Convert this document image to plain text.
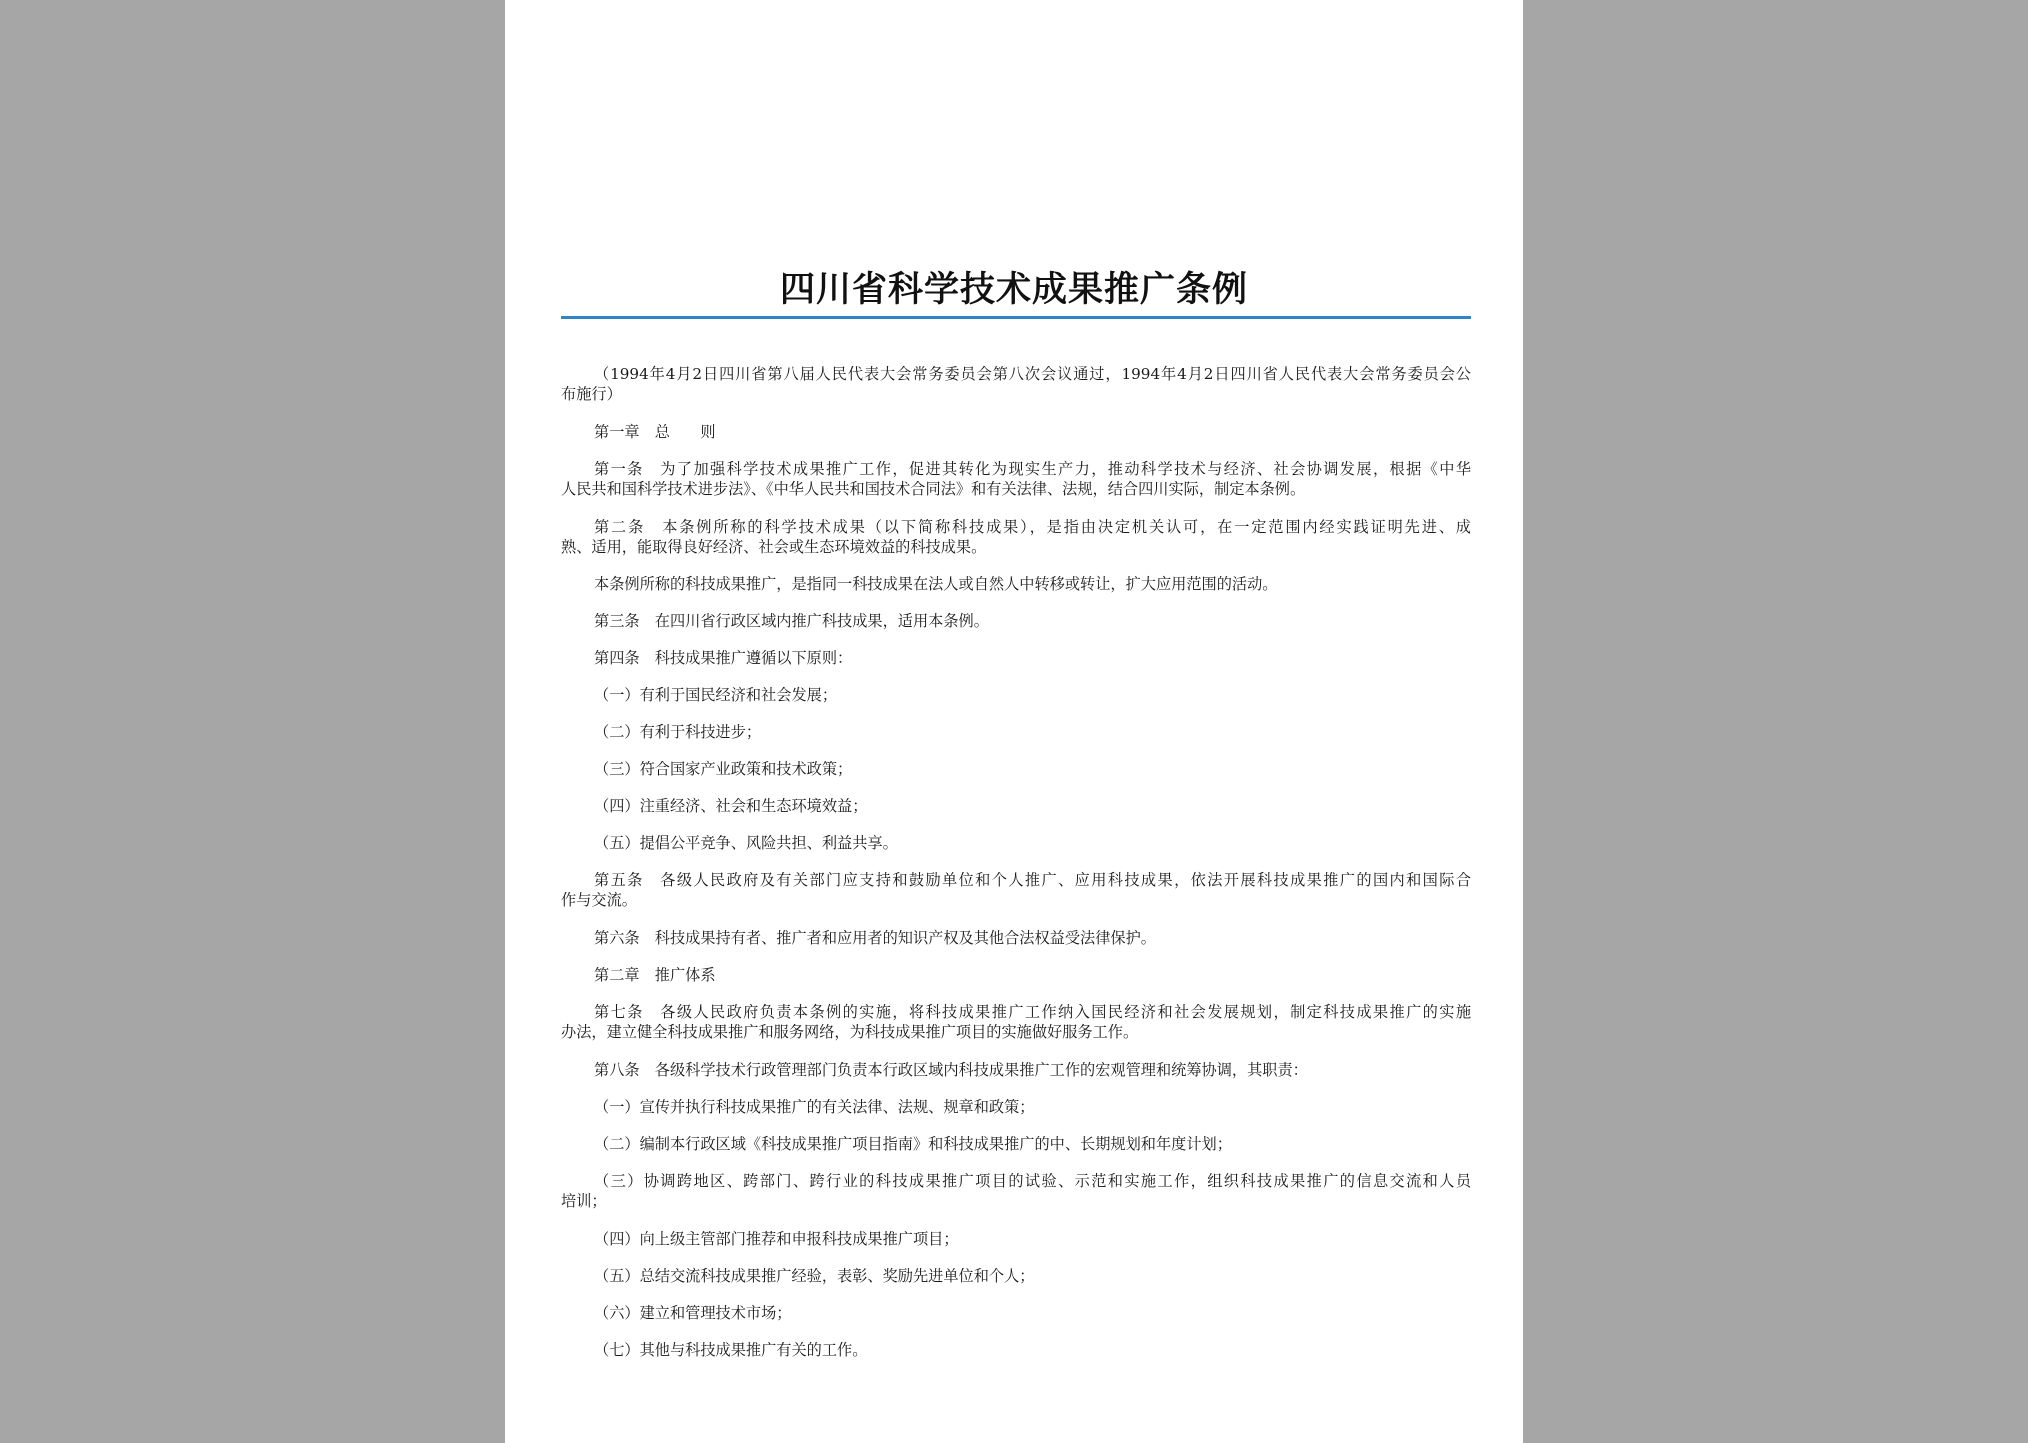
四川省科学技术成果推广条例
（1994年4月2日四川省第八届人民代表大会常务委员会第八次会议通过，1994年4月2日四川省人民代表大会常务委员会公
布施行）
第一章　总　　则
第一条　为了加强科学技术成果推广工作，促进其转化为现实生产力，推动科学技术与经济、社会协调发展，根据《中华
人民共和国科学技术进步法》、《中华人民共和国技术合同法》和有关法律、法规，结合四川实际，制定本条例。
第二条　本条例所称的科学技术成果（以下简称科技成果），是指由决定机关认可，在一定范围内经实践证明先进、成
熟、适用，能取得良好经济、社会或生态环境效益的科技成果。
本条例所称的科技成果推广，是指同一科技成果在法人或自然人中转移或转让，扩大应用范围的活动。
第三条　在四川省行政区域内推广科技成果，适用本条例。
第四条　科技成果推广遵循以下原则：
（一）有利于国民经济和社会发展；
（二）有利于科技进步；
（三）符合国家产业政策和技术政策；
（四）注重经济、社会和生态环境效益；
（五）提倡公平竞争、风险共担、利益共享。
第五条　各级人民政府及有关部门应支持和鼓励单位和个人推广、应用科技成果，依法开展科技成果推广的国内和国际合
作与交流。
第六条　科技成果持有者、推广者和应用者的知识产权及其他合法权益受法律保护。
第二章　推广体系
第七条　各级人民政府负责本条例的实施，将科技成果推广工作纳入国民经济和社会发展规划，制定科技成果推广的实施
办法，建立健全科技成果推广和服务网络，为科技成果推广项目的实施做好服务工作。
第八条　各级科学技术行政管理部门负责本行政区域内科技成果推广工作的宏观管理和统筹协调，其职责：
（一）宣传并执行科技成果推广的有关法律、法规、规章和政策；
（二）编制本行政区域《科技成果推广项目指南》和科技成果推广的中、长期规划和年度计划；
（三）协调跨地区、跨部门、跨行业的科技成果推广项目的试验、示范和实施工作，组织科技成果推广的信息交流和人员
培训；
（四）向上级主管部门推荐和申报科技成果推广项目；
（五）总结交流科技成果推广经验，表彰、奖励先进单位和个人；
（六）建立和管理技术市场；
（七）其他与科技成果推广有关的工作。
